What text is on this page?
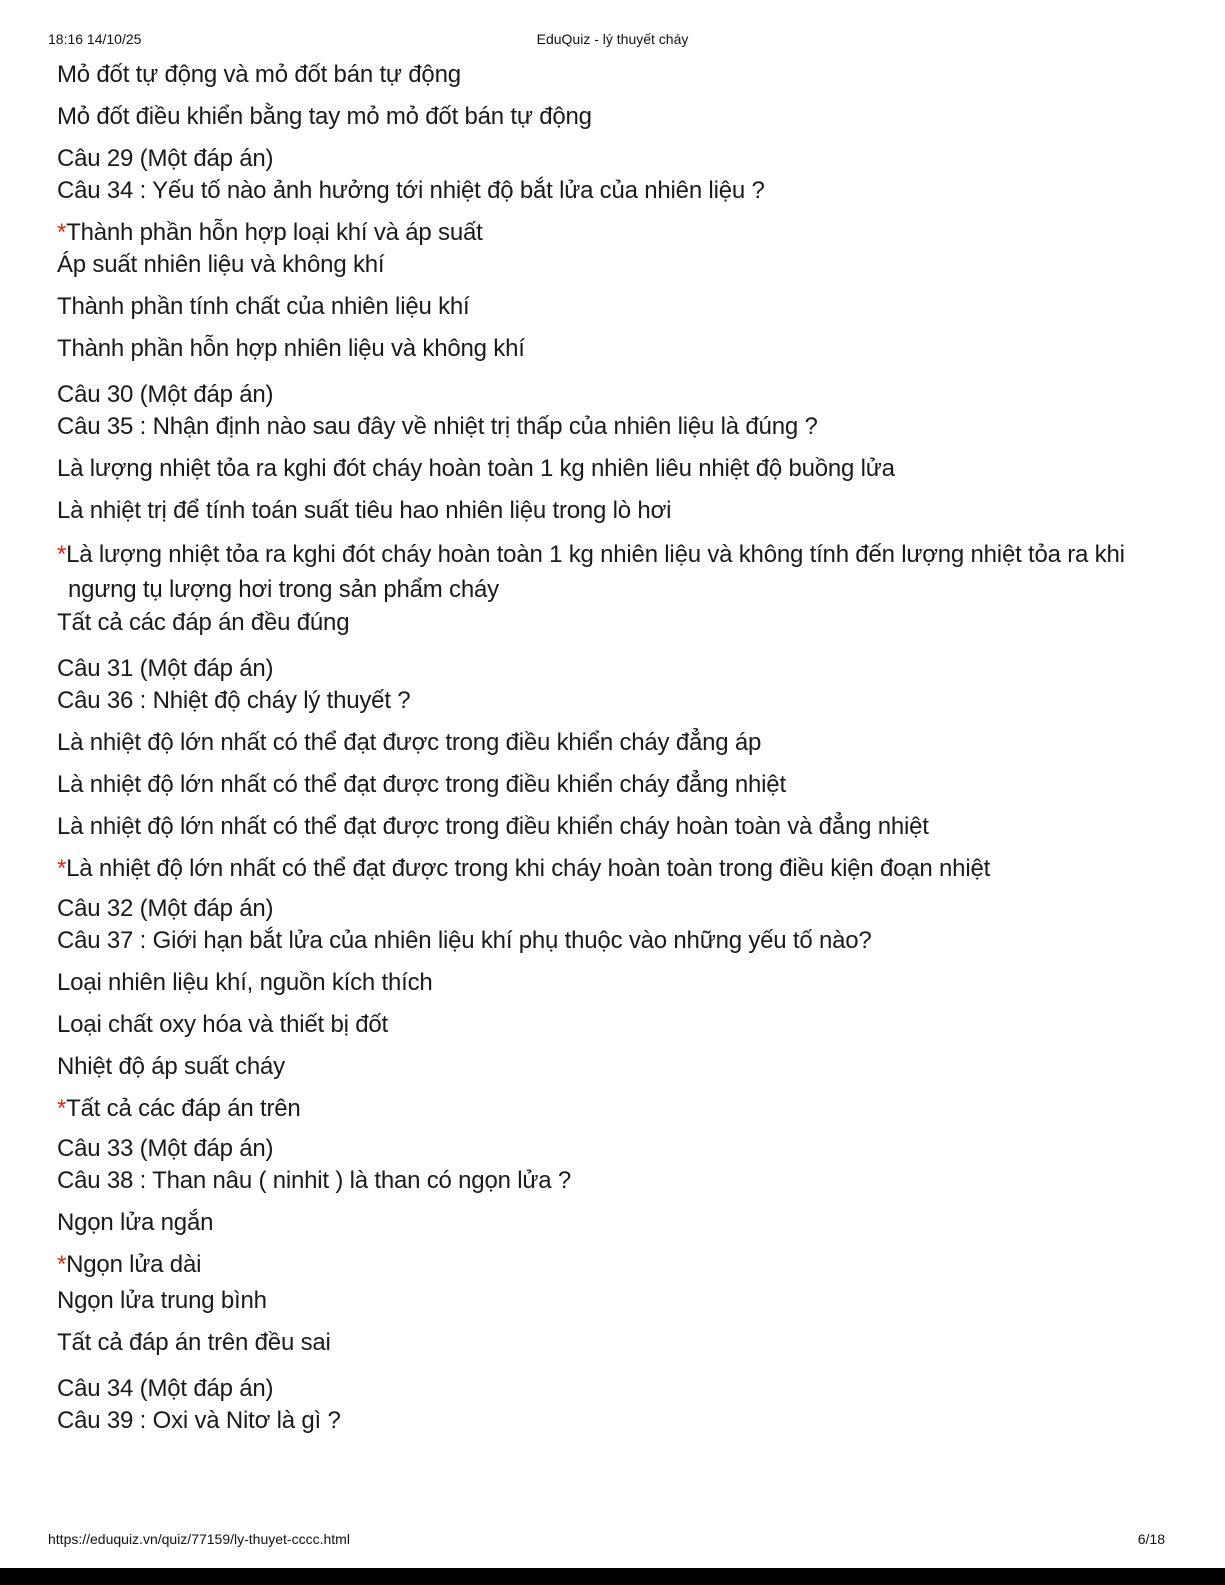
18:16 14/10/25	EduQuiz - lý thuyết cháy

Mỏ đốt tự động và mỏ đốt bán tự động

Mỏ đốt điều khiển bằng tay mỏ mỏ đốt bán tự động

Câu 29 (Một đáp án)

Câu 34 : Yếu tố nào ảnh hưởng tới nhiệt độ bắt lửa của nhiên liệu ?

*Thành phần hỗn hợp loại khí và áp suất

Áp suất nhiên liệu và không khí

Thành phần tính chất của nhiên liệu khí

Thành phần hỗn hợp nhiên liệu và không khí

Câu 30 (Một đáp án)

Câu 35 : Nhận định nào sau đây về nhiệt trị thấp của nhiên liệu là đúng ?

Là lượng nhiệt tỏa ra kghi đót cháy hoàn toàn 1 kg nhiên liêu nhiệt độ buồng lửa

Là nhiệt trị để tính toán suất tiêu hao nhiên liệu trong lò hơi

*Là lượng nhiệt tỏa ra kghi đót cháy hoàn toàn 1 kg nhiên liệu và không tính đến lượng nhiệt tỏa ra khi ngưng tụ lượng hơi trong sản phẩm cháy

Tất cả các đáp án đều đúng

Câu 31 (Một đáp án)

Câu 36 : Nhiệt độ cháy lý thuyết ?

Là nhiệt độ lớn nhất có thể đạt được trong điều khiển cháy đẳng áp

Là nhiệt độ lớn nhất có thể đạt được trong điều khiển cháy đẳng nhiệt

Là nhiệt độ lớn nhất có thể đạt được trong điều khiển cháy hoàn toàn và đẳng nhiệt

*Là nhiệt độ lớn nhất có thể đạt được trong khi cháy hoàn toàn trong điều kiện đoạn nhiệt

Câu 32 (Một đáp án)

Câu 37 : Giới hạn bắt lửa của nhiên liệu khí phụ thuộc vào những yếu tố nào?

Loại nhiên liệu khí, nguồn kích thích

Loại chất oxy hóa và thiết bị đốt

Nhiệt độ áp suất cháy

*Tất cả các đáp án trên

Câu 33 (Một đáp án)

Câu 38 : Than nâu ( ninhit ) là than có ngọn lửa ?

Ngọn lửa ngắn

*Ngọn lửa dài

Ngọn lửa trung bình

Tất cả đáp án trên đều sai

Câu 34 (Một đáp án)

Câu 39 : Oxi và Nitơ là gì ?

https://eduquiz.vn/quiz/77159/ly-thuyet-cccc.html	6/18
